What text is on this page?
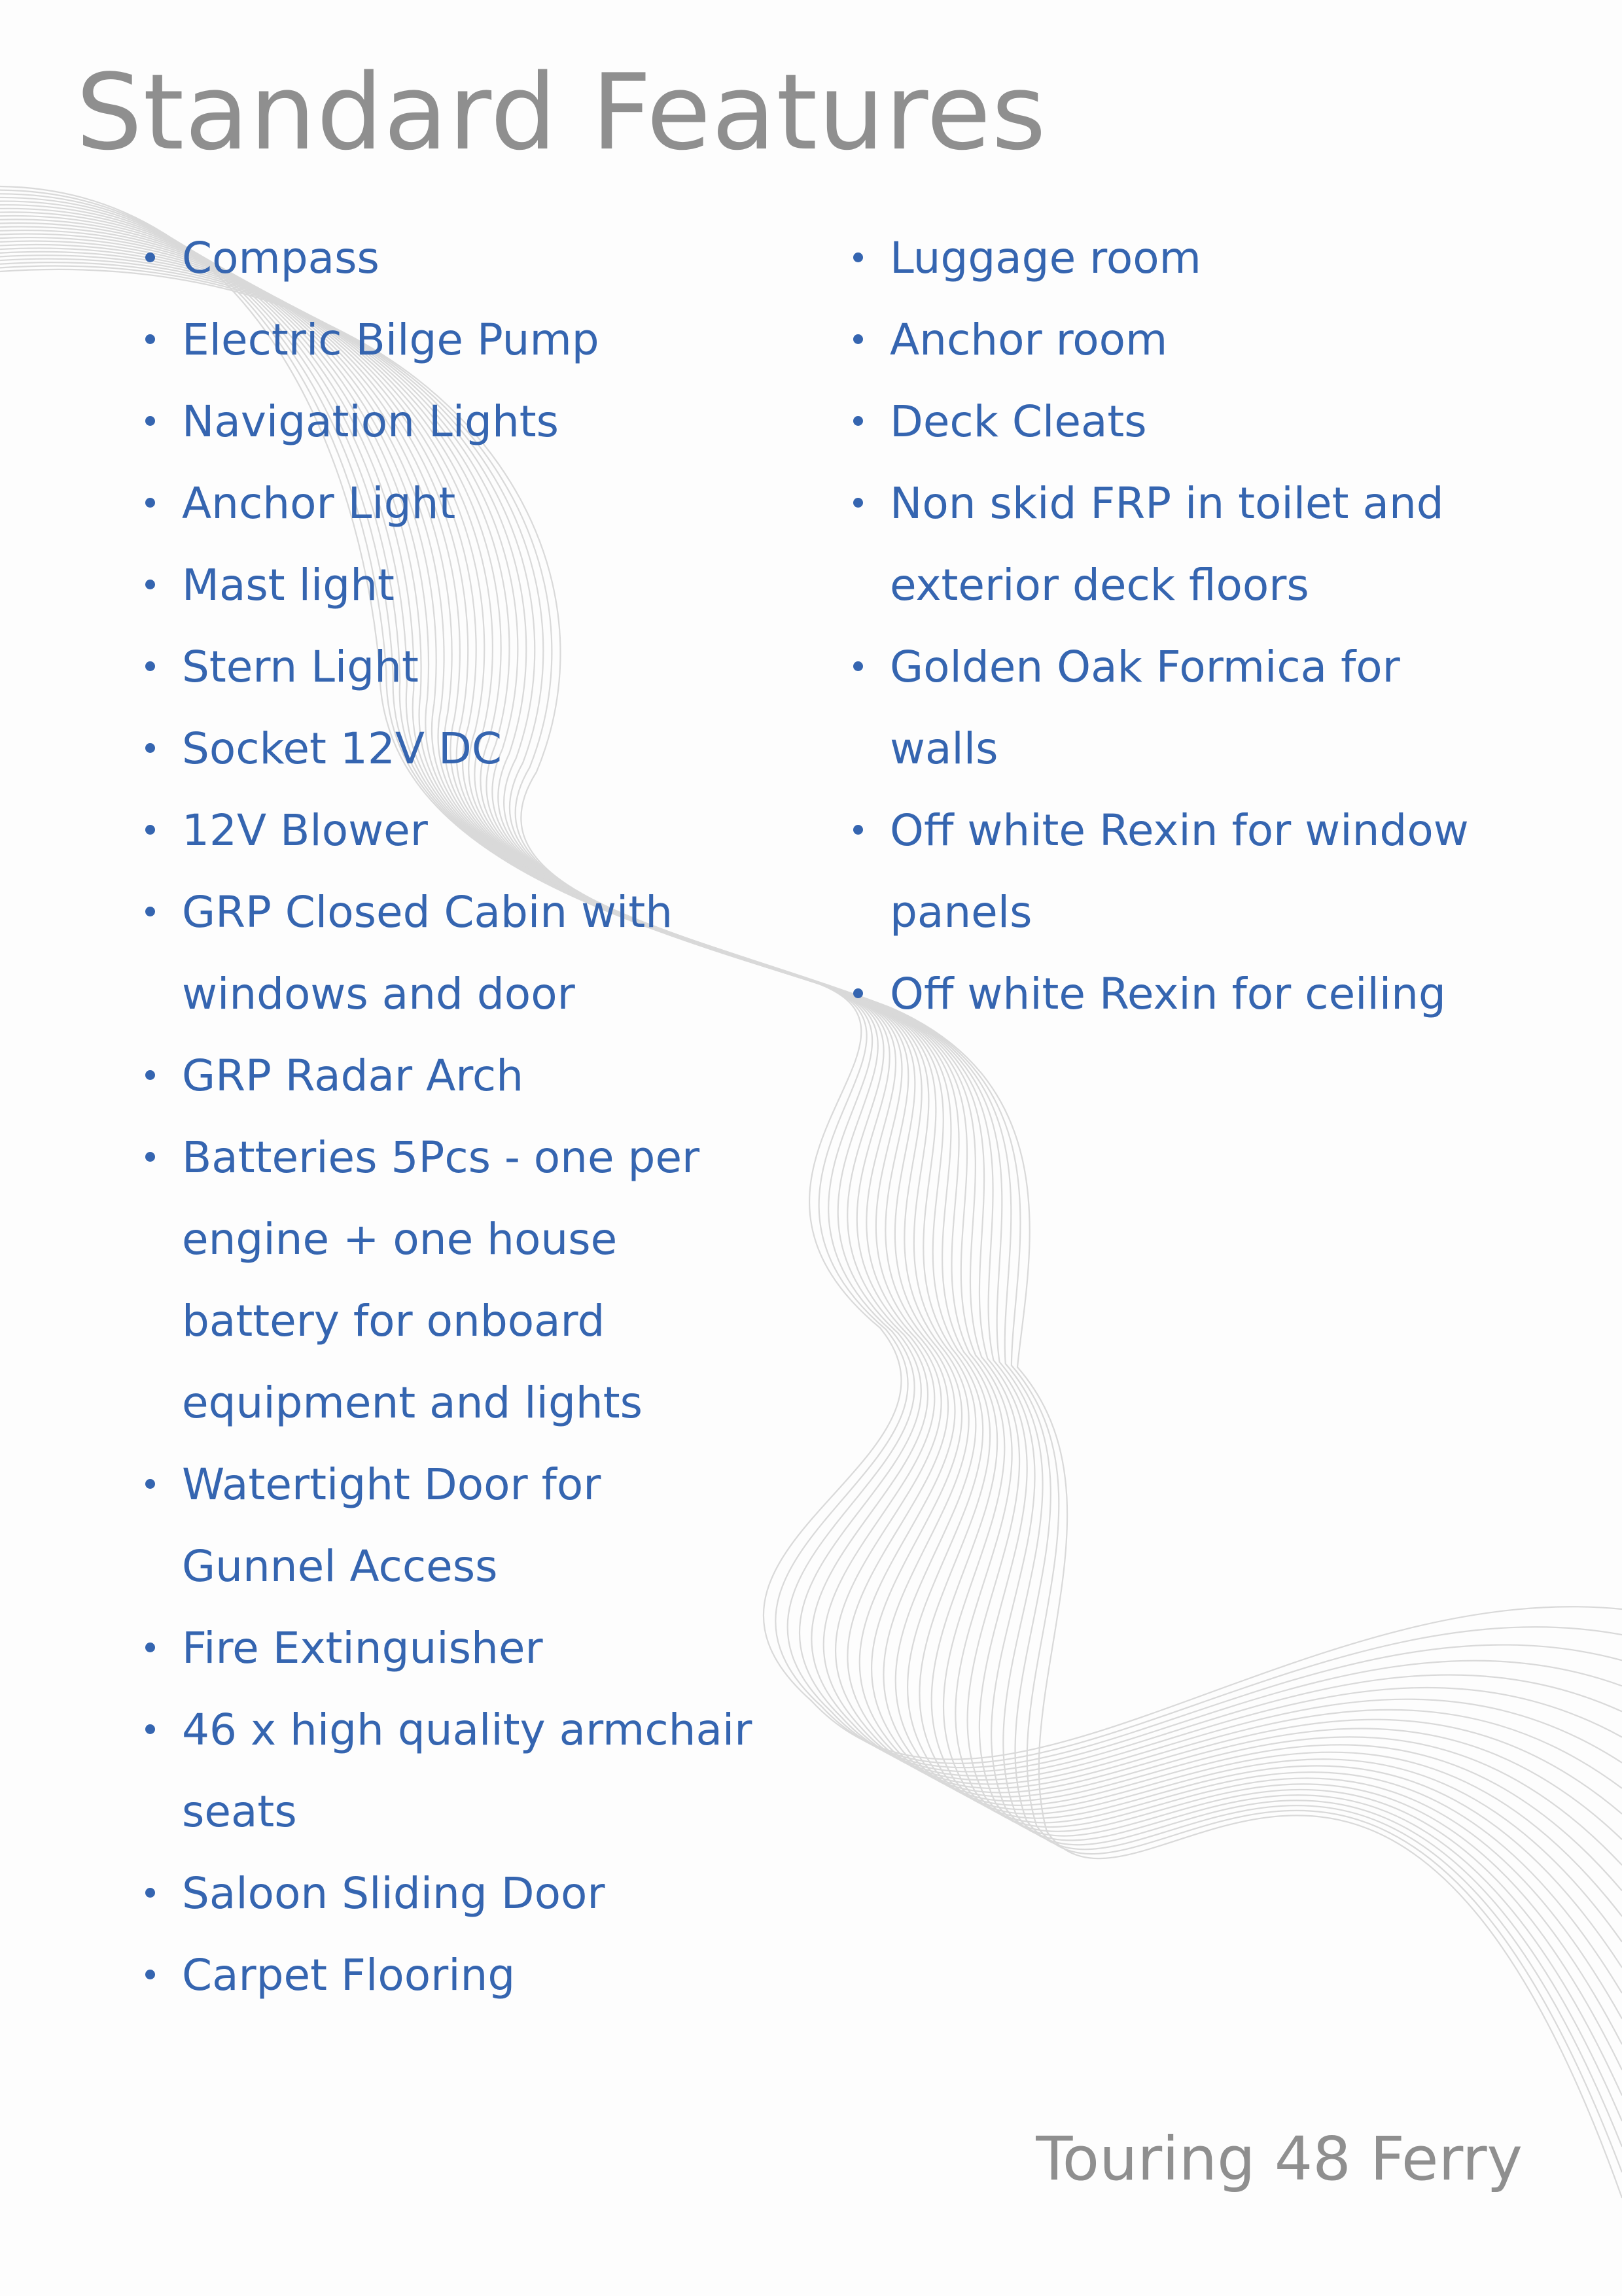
Standard Features
Compass
Electric Bilge Pump
Navigation Lights
Anchor Light
Mast light
Stern Light
Socket 12V DC
12V Blower
GRP Closed Cabin with
windows and door
GRP Radar Arch
Batteries 5Pcs - one per
engine + one house
battery for onboard
equipment and lights
Watertight Door for
Gunnel Access
Fire Extinguisher
46 x high quality armchair
seats
Saloon Sliding Door
Carpet Flooring
Luggage room
Anchor room
Deck Cleats
Non skid FRP in toilet and
exterior deck floors
Golden Oak Formica for
walls
Off white Rexin for window
panels
Off white Rexin for ceiling
Touring 48 Ferry
